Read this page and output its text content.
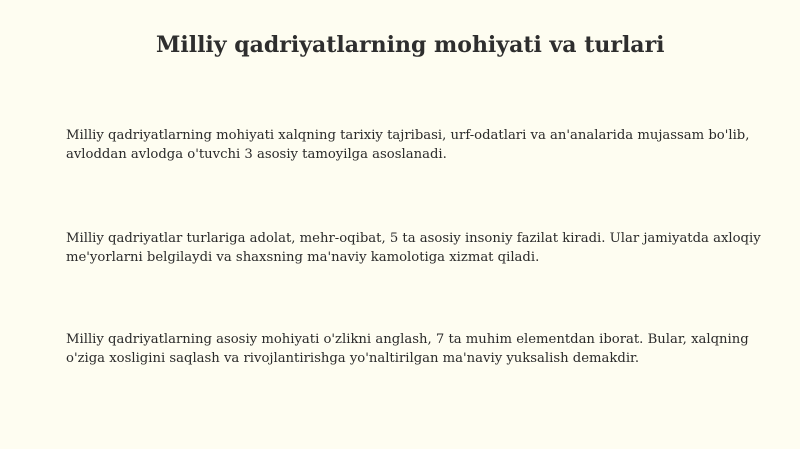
Milliy qadriyatlarning mohiyati va turlari

Milliy qadriyatlarning mohiyati xalqning tarixiy tajribasi, urf-odatlari va an'analarida mujassam bo'lib, avloddan avlodga o'tuvchi 3 asosiy tamoyilga asoslanadi.

Milliy qadriyatlar turlariga adolat, mehr-oqibat, 5 ta asosiy insoniy fazilat kiradi. Ular jamiyatda axloqiy me'yorlarni belgilaydi va shaxsning ma'naviy kamolotiga xizmat qiladi.

Milliy qadriyatlarning asosiy mohiyati o'zlikni anglash, 7 ta muhim elementdan iborat. Bular, xalqning o'ziga xosligini saqlash va rivojlantirishga yo'naltirilgan ma'naviy yuksalish demakdir.
